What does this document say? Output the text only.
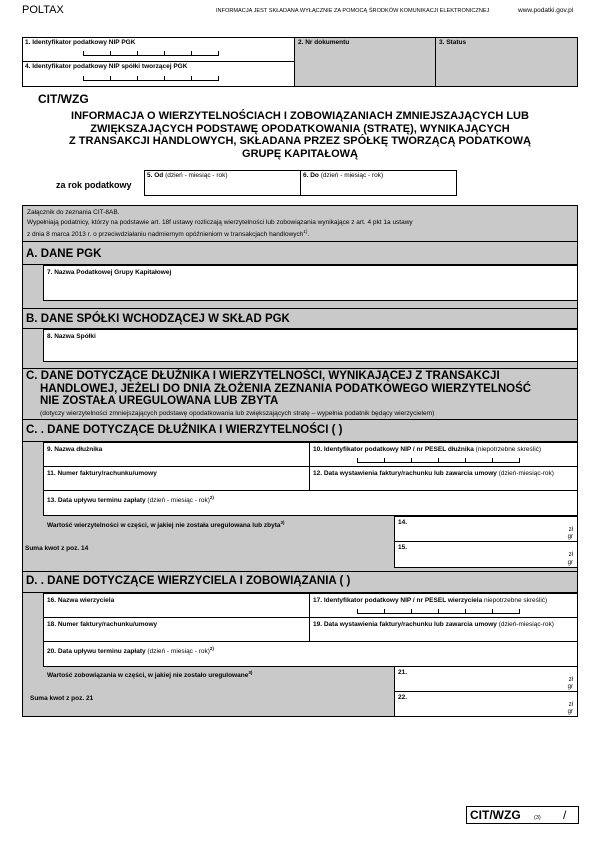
POLTAX	INFORMACJA JEST SKŁADANA WYŁĄCZNIE ZA POMOCĄ ŚRODKÓW KOMUNIKACJI ELEKTRONICZNEJ	www.podatki.gov.pl
1. Identyfikator podatkowy NIP PGK
4. Identyfikator podatkowy NIP spółki tworzącej PGK
2. Nr dokumentu	3. Status
CIT/WZG
INFORMACJA O WIERZYTELNOŚCIACH I ZOBOWIĄZANIACH ZMNIEJSZAJĄCYCH LUB
ZWIĘKSZAJĄCYCH PODSTAWĘ OPODATKOWANIA (STRATĘ), WYNIKAJĄCYCH
Z TRANSAKCJI HANDLOWYCH, SKŁADANA PRZEZ SPÓŁKĘ TWORZĄCĄ PODATKOWĄ
GRUPĘ KAPITAŁOWĄ
za rok podatkowy
5. Od (dzień - miesiąc - rok)	6. Do (dzień - miesiąc - rok)
Załącznik do zeznania CIT-8AB.
Wypełniają podatnicy, którzy na podstawie art. 18f ustawy rozliczają wierzytelności lub zobowiązania wynikające z art. 4 pkt 1a ustawy
z dnia 8 marca 2013 r. o przeciwdziałaniu nadmiernym opóźnieniom w transakcjach handlowych$^{1)}$.
A. DANE PGK
7. Nazwa Podatkowej Grupy Kapitałowej
B. DANE SPÓŁKI WCHODZĄCEJ W SKŁAD PGK
8. Nazwa Spółki
C. DANE DOTYCZĄCE DŁUŻNIKA I WIERZYTELNOŚCI, WYNIKAJĄCEJ Z TRANSAKCJI
HANDLOWEJ, JEŻELI DO DNIA ZŁOŻENIA ZEZNANIA PODATKOWEGO WIERZYTELNOŚĆ
NIE ZOSTAŁA UREGULOWANA LUB ZBYTA
(dotyczy wierzytelności zmniejszających podstawę opodatkowania lub zwiększających stratę – wypełnia podatnik będący wierzycielem)
C. . DANE DOTYCZĄCE DŁUŻNIKA I WIERZYTELNOŚCI ( )
9. Nazwa dłużnika	10. Identyfikator podatkowy NIP / nr PESEL dłużnika (niepotrzebne skreślić)
11. Numer faktury/rachunku/umowy	12. Data wystawienia faktury/rachunku lub zawarcia umowy (dzień-miesiąc-rok)
13. Data upływu terminu zapłaty (dzień - miesiąc - rok)$^{2)}$
Wartość wierzytelności w części, w jakiej nie została uregulowana lub zbyta$^{3)}$	14.
zł
gr
Suma kwot z poz. 14	15.
zł
gr
D. . DANE DOTYCZĄCE WIERZYCIELA I ZOBOWIĄZANIA ( )
16. Nazwa wierzyciela	17. Identyfikator podatkowy NIP / nr PESEL wierzyciela niepotrzebne skreślić)
18. Numer faktury/rachunku/umowy	19. Data wystawienia faktury/rachunku lub zawarcia umowy (dzień-miesiąc-rok)
20. Data upływu terminu zapłaty (dzień - miesiąc - rok)$^{2)}$
Wartość zobowiązania w części, w jakiej nie zostało uregulowane$^{3)}$	21.
zł
gr
Suma kwot z poz. 21	22.
zł
gr
CIT/WZG (3) /
